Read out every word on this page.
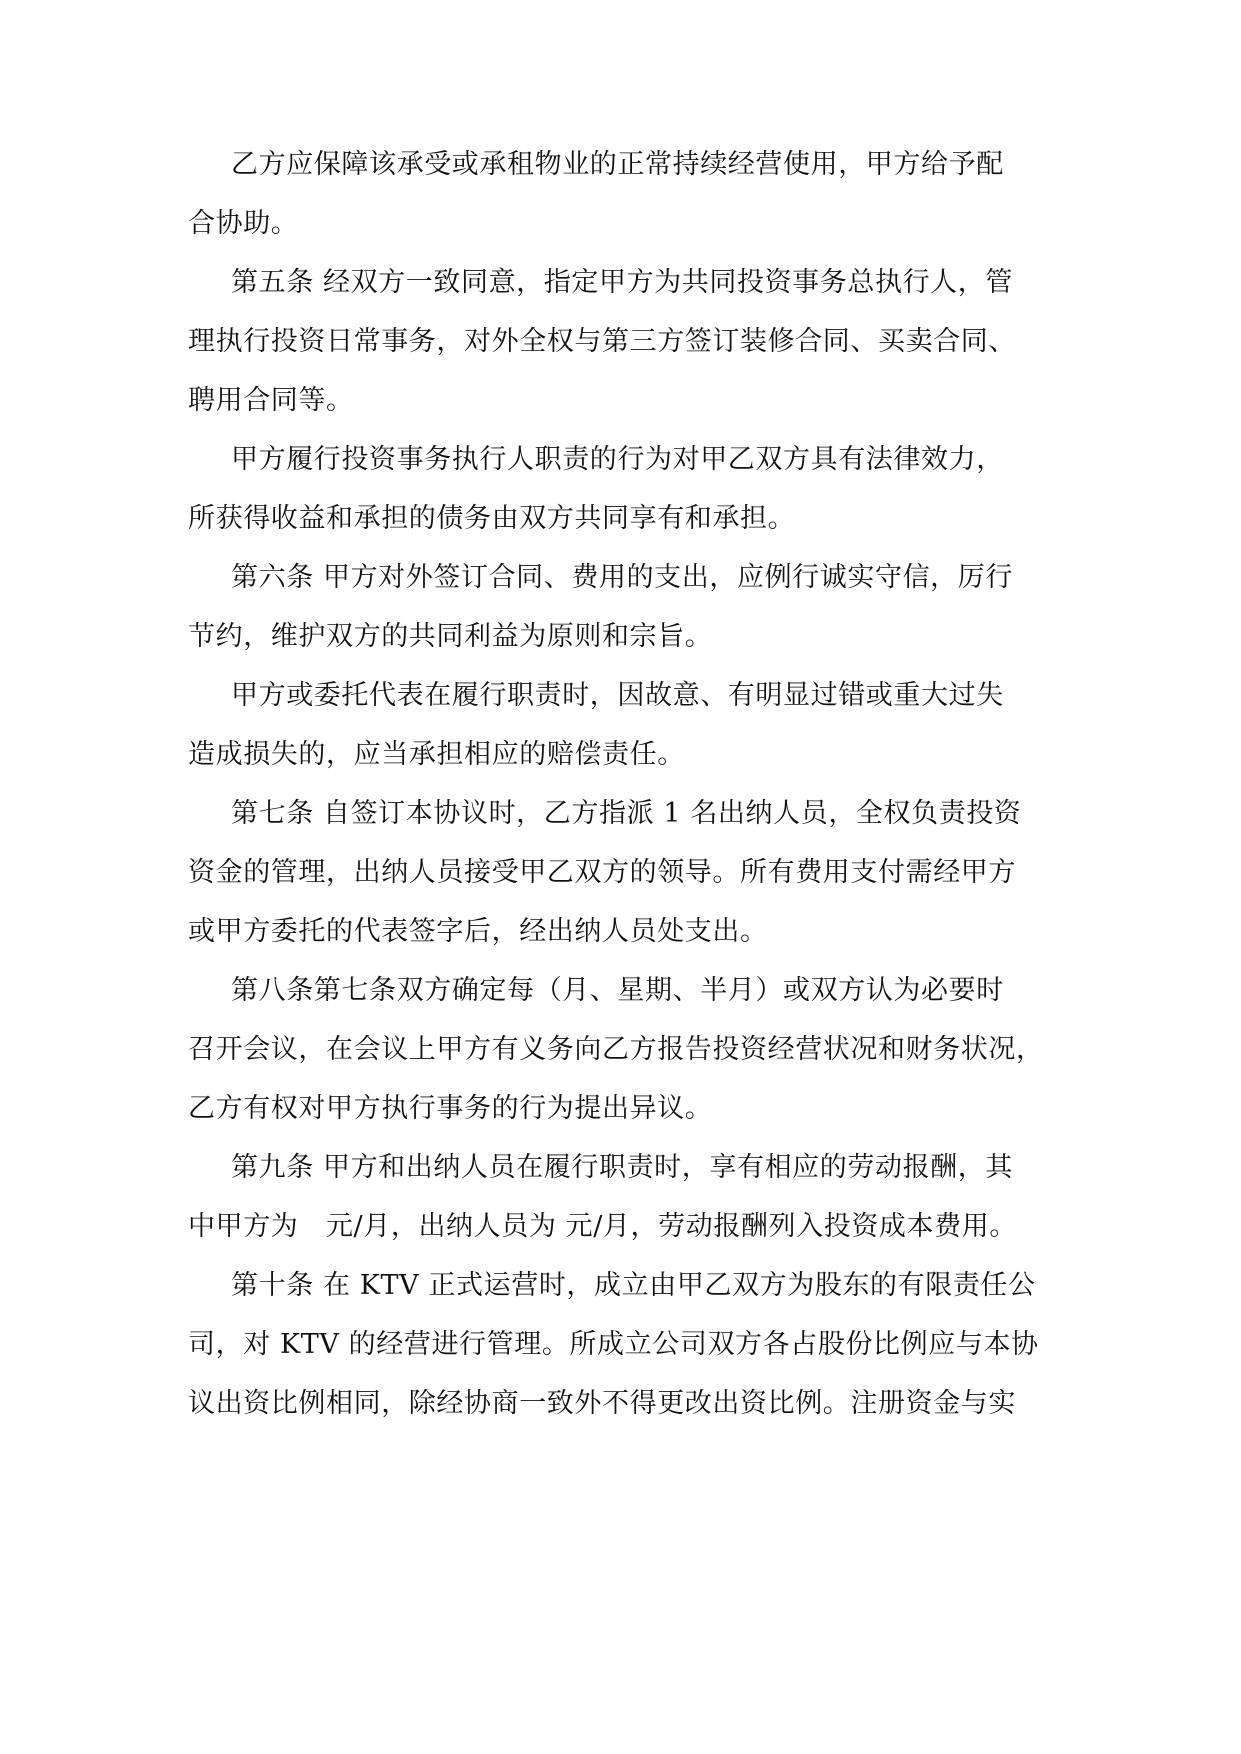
乙方应保障该承受或承租物业的正常持续经营使用，甲方给予配
合协助。
第五条 经双方一致同意，指定甲方为共同投资事务总执行人，管
理执行投资日常事务，对外全权与第三方签订装修合同、买卖合同、
聘用合同等。
甲方履行投资事务执行人职责的行为对甲乙双方具有法律效力，
所获得收益和承担的债务由双方共同享有和承担。
第六条 甲方对外签订合同、费用的支出，应例行诚实守信，厉行
节约，维护双方的共同利益为原则和宗旨。
甲方或委托代表在履行职责时，因故意、有明显过错或重大过失
造成损失的，应当承担相应的赔偿责任。
第七条 自签订本协议时，乙方指派 1 名出纳人员，全权负责投资
资金的管理，出纳人员接受甲乙双方的领导。所有费用支付需经甲方
或甲方委托的代表签字后，经出纳人员处支出。
第八条第七条双方确定每（月、星期、半月）或双方认为必要时
召开会议，在会议上甲方有义务向乙方报告投资经营状况和财务状况，
乙方有权对甲方执行事务的行为提出异议。
第九条 甲方和出纳人员在履行职责时，享有相应的劳动报酬，其
中甲方为   元/月，出纳人员为 元/月，劳动报酬列入投资成本费用。
第十条 在 KTV 正式运营时，成立由甲乙双方为股东的有限责任公
司，对 KTV 的经营进行管理。所成立公司双方各占股份比例应与本协
议出资比例相同，除经协商一致外不得更改出资比例。注册资金与实
